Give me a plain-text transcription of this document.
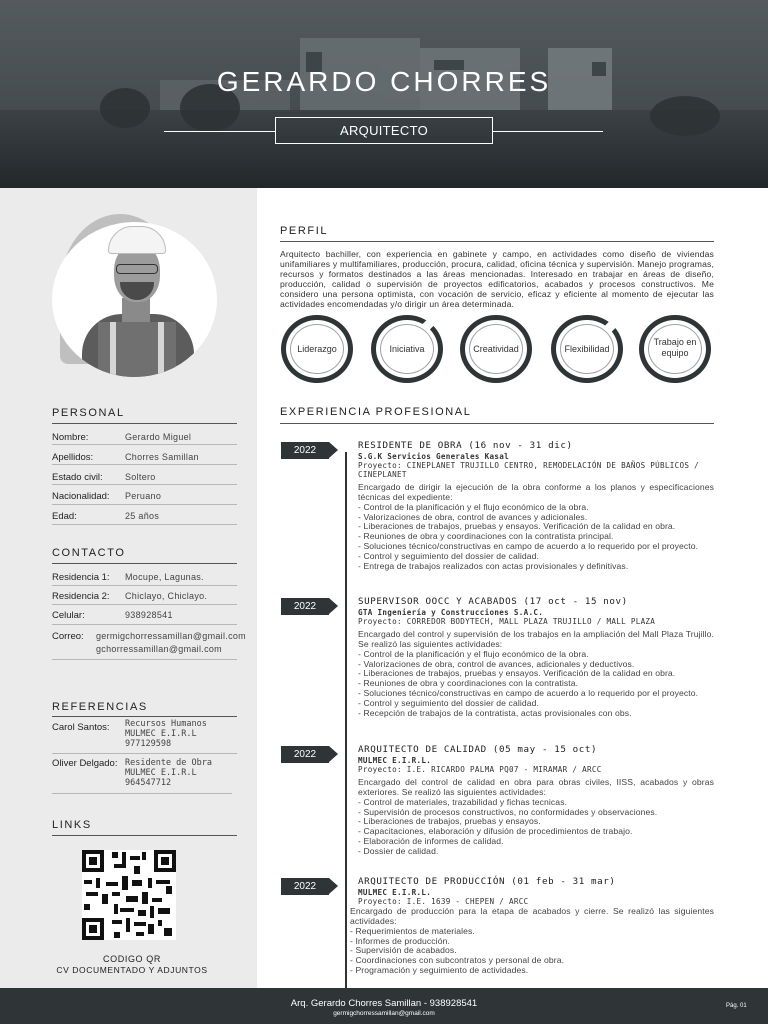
GERARDO CHORRES
ARQUITECTO
PERSONAL
Nombre:	Gerardo Miguel
Apellidos:	Chorres Samillan
Estado civil: Soltero
Nacionalidad: Peruano
Edad:	25 años
CONTACTO
Residencia 1: Mocupe, Lagunas.
Residencia 2: Chiclayo, Chiclayo.
Celular:	938928541
Correo: germigchorressamillan@gmail.com
gchorressamillan@gmail.com
REFERENCIAS
Carol Santos: Recursos Humanos
MULMEC E.I.R.L
977129598
Oliver Delgado: Residente de Obra
MULMEC E.I.R.L
964547712
LINKS
CODIGO QR
CV DOCUMENTADO Y ADJUNTOS
PERFIL
Arquitecto bachiller, con experiencia en gabinete y campo, en actividades como diseño de viviendas unifamiliares y multifamiliares, producción, procura, calidad, oficina técnica y supervisión. Manejo programas, recursos y formatos destinados a las áreas mencionadas. Interesado en trabajar en áreas de diseño, producción, calidad o supervisión de proyectos edificatorios, acabados y procesos constructivos. Me considero una persona optimista, con vocación de servicio, eficaz y eficiente al momento de ejecutar las actividades encomendadas y/o dirigir un área determinada.
Liderazgo	Iniciativa	Creatividad	Flexibilidad
Trabajo en equipo
EXPERIENCIA PROFESIONAL
2022	RESIDENTE DE OBRA (16 nov - 31 dic)
S.G.K Servicios Generales Kasal
Proyecto: CINEPLANET TRUJILLO CENTRO, REMODELACIÓN DE BAÑOS PÚBLICOS / CINEPLANET
Encargado de dirigir la ejecución de la obra conforme a los planos y especificaciones técnicas del expediente:
- Control de la planificación y el flujo económico de la obra.
- Valorizaciones de obra, control de avances y adicionales.
- Liberaciones de trabajos, pruebas y ensayos. Verificación de la calidad en obra.
- Reuniones de obra y coordinaciones con la contratista principal.
- Soluciones técnico/constructivas en campo de acuerdo a lo requerido por el proyecto.
- Control y seguimiento del dossier de calidad.
- Entrega de trabajos realizados con actas provisionales y definitivas.
2022	SUPERVISOR OOCC Y ACABADOS (17 oct - 15 nov)
GTA Ingeniería y Construcciones S.A.C.
Proyecto: CORREDOR BODYTECH, MALL PLAZA TRUJILLO / MALL PLAZA
Encargado del control y supervisión de los trabajos en la ampliación del Mall Plaza Trujillo. Se realizó las siguientes actividades:
- Control de la planificación y el flujo económico de la obra.
- Valorizaciones de obra, control de avances, adicionales y deductivos.
- Liberaciones de trabajos, pruebas y ensayos. Verificación de la calidad en obra.
- Reuniones de obra y coordinaciones con la contratista.
- Soluciones técnico/constructivas en campo de acuerdo a lo requerido por el proyecto.
- Control y seguimiento del dossier de calidad.
- Recepción de trabajos de la contratista, actas provisionales con obs.
2022	ARQUITECTO DE CALIDAD (05 may - 15 oct)
MULMEC E.I.R.L.
Proyecto: I.E. RICARDO PALMA PQ07 - MIRAMAR / ARCC
Encargado del control de calidad en obra para obras civiles, IISS, acabados y obras exteriores. Se realizó las siguientes actividades:
- Control de materiales, trazabilidad y fichas tecnicas.
- Supervisión de procesos constructivos, no conformidades y observaciones.
- Liberaciones de trabajos, pruebas y ensayos.
- Capacitaciones, elaboración y difusión de procedimientos de trabajo.
- Elaboración de informes de calidad.
- Dossier de calidad.
2022	ARQUITECTO DE PRODUCCIÓN (01 feb - 31 mar)
MULMEC E.I.R.L.
Proyecto: I.E. 1639 - CHEPEN / ARCC
Encargado de producción para la etapa de acabados y cierre. Se realizó las siguientes actividades:
- Requerimientos de materiales.
- Informes de producción.
- Supervisión de acabados.
- Coordinaciones con subcontratos y personal de obra.
- Programación y seguimiento de actividades.
Arq. Gerardo Chorres Samillan - 938928541
germigchorressamillan@gmail.com
Pág. 01
